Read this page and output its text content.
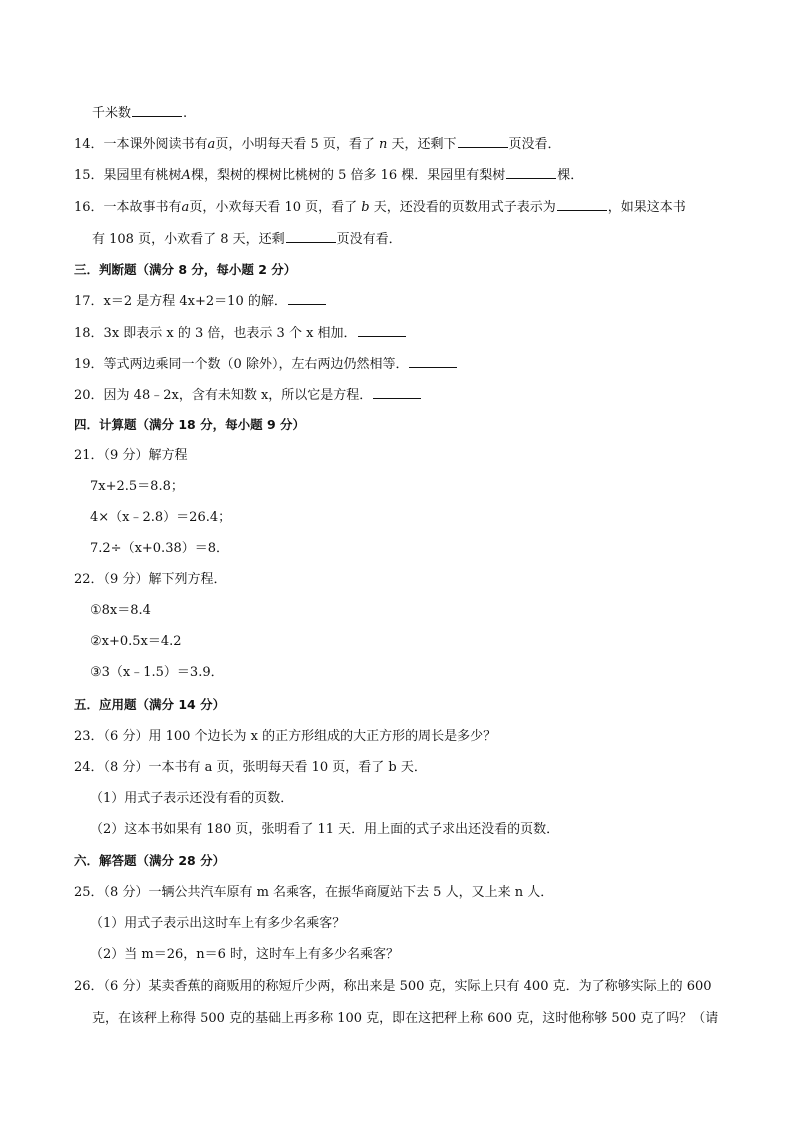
千米数	.
14．一本课外阅读书有a页，小明每天看 5 页，看了 n 天，还剩下	页没看．
15．果园里有桃树A棵，梨树的棵树比桃树的 5 倍多 16 棵．果园里有梨树	棵．
16．一本故事书有a页，小欢每天看 10 页，看了 b 天，还没看的页数用式子表示为	，如果这本书
有 108 页，小欢看了 8 天，还剩	页没有看．
三．判断题（满分 8 分，每小题 2 分）
17．x＝2 是方程 4x+2＝10 的解．
18．3x 即表示 x 的 3 倍，也表示 3 个 x 相加．
19．等式两边乘同一个数（0 除外），左右两边仍然相等．
20．因为 48﹣2x，含有未知数 x，所以它是方程．
四．计算题（满分 18 分，每小题 9 分）
21．（9 分）解方程
7x+2.5＝8.8；
4×（x﹣2.8）＝26.4；
7.2÷（x+0.38）＝8．
22．（9 分）解下列方程．
①8x＝8.4
②x+0.5x＝4.2
③3（x﹣1.5）＝3.9．
五．应用题（满分 14 分）
23．（6 分）用 100 个边长为 x 的正方形组成的大正方形的周长是多少？
24．（8 分）一本书有 a 页，张明每天看 10 页，看了 b 天．
（1）用式子表示还没有看的页数．
（2）这本书如果有 180 页，张明看了 11 天．用上面的式子求出还没看的页数．
六．解答题（满分 28 分）
25．（8 分）一辆公共汽车原有 m 名乘客，在振华商厦站下去 5 人，又上来 n 人．
（1）用式子表示出这时车上有多少名乘客？
（2）当 m＝26，n＝6 时，这时车上有多少名乘客？
26．（6 分）某卖香蕉的商贩用的称短斤少两，称出来是 500 克，实际上只有 400 克．为了称够实际上的 600
克，在该秤上称得 500 克的基础上再多称 100 克，即在这把秤上称 600 克，这时他称够 500 克了吗？（请
